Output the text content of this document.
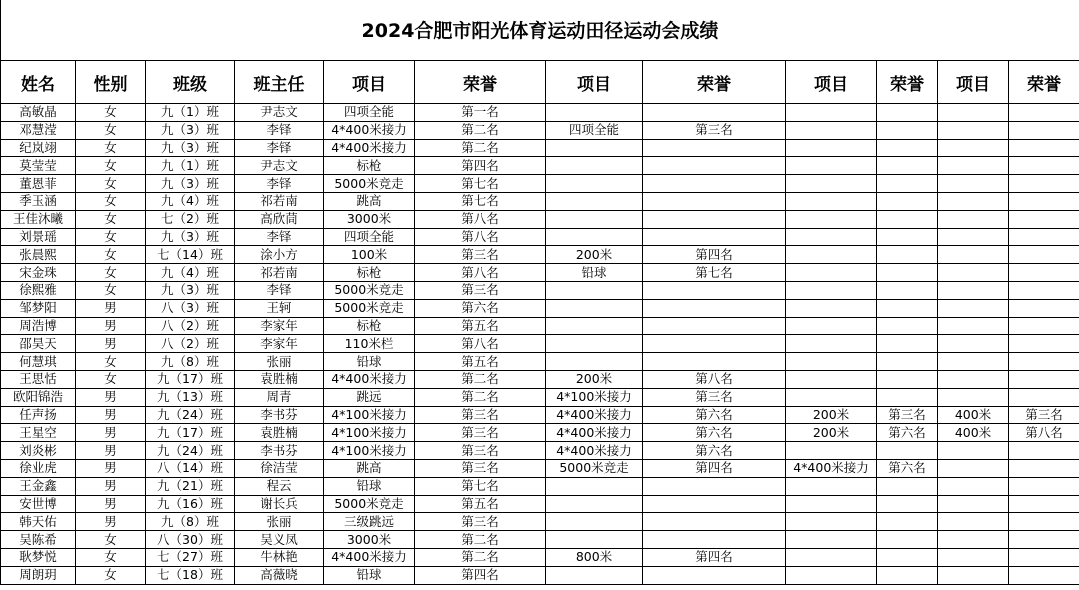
2024合肥市阳光体育运动田径运动会成绩
姓名	性别	班级	班主任	项目	荣誉	项目	荣誉	项目	荣誉	项目	荣誉
高敏晶	女	九（1）班	尹志文	四项全能	第一名						
邓慧滢	女	九（3）班	李铎	4*400米接力	第二名	四项全能	第三名				
纪岚翊	女	九（3）班	李铎	4*400米接力	第二名						
莫莹莹	女	九（1）班	尹志文	标枪	第四名						
董恩菲	女	九（3）班	李铎	5000米竞走	第七名						
季玉涵	女	九（4）班	祁若南	跳高	第七名						
王佳沐曦	女	七（2）班	高欣茼	3000米	第八名						
刘景瑶	女	九（3）班	李铎	四项全能	第八名						
张晨熙	女	七（14）班	涂小方	100米	第三名	200米	第四名				
宋金珠	女	九（4）班	祁若南	标枪	第八名	铅球	第七名				
徐熙雅	女	九（3）班	李铎	5000米竞走	第三名						
邹梦阳	男	八（3）班	王轲	5000米竞走	第六名						
周浩博	男	八（2）班	李家年	标枪	第五名						
邵昊天	男	八（2）班	李家年	110米栏	第八名						
何慧琪	女	九（8）班	张丽	铅球	第五名						
王思恬	女	九（17）班	袁胜楠	4*400米接力	第二名	200米	第八名				
欧阳锦浩	男	九（13）班	周青	跳远	第二名	4*100米接力	第三名				
任声扬	男	九（24）班	李书芬	4*100米接力	第三名	4*400米接力	第六名	200米	第三名	400米	第三名
王星空	男	九（17）班	袁胜楠	4*100米接力	第三名	4*400米接力	第六名	200米	第六名	400米	第八名
刘炎彬	男	九（24）班	李书芬	4*100米接力	第三名	4*400米接力	第六名				
徐业虎	男	八（14）班	徐洁莹	跳高	第三名	5000米竞走	第四名	4*400米接力	第六名		
王金鑫	男	九（21）班	程云	铅球	第七名						
安世博	男	九（16）班	谢长兵	5000米竞走	第五名						
韩天佑	男	九（8）班	张丽	三级跳远	第三名						
吴陈希	女	八（30）班	吴义凤	3000米	第二名						
耿梦悦	女	七（27）班	牛林艳	4*400米接力	第二名	800米	第四名				
周朗玥	女	七（18）班	高薇晓	铅球	第四名						
